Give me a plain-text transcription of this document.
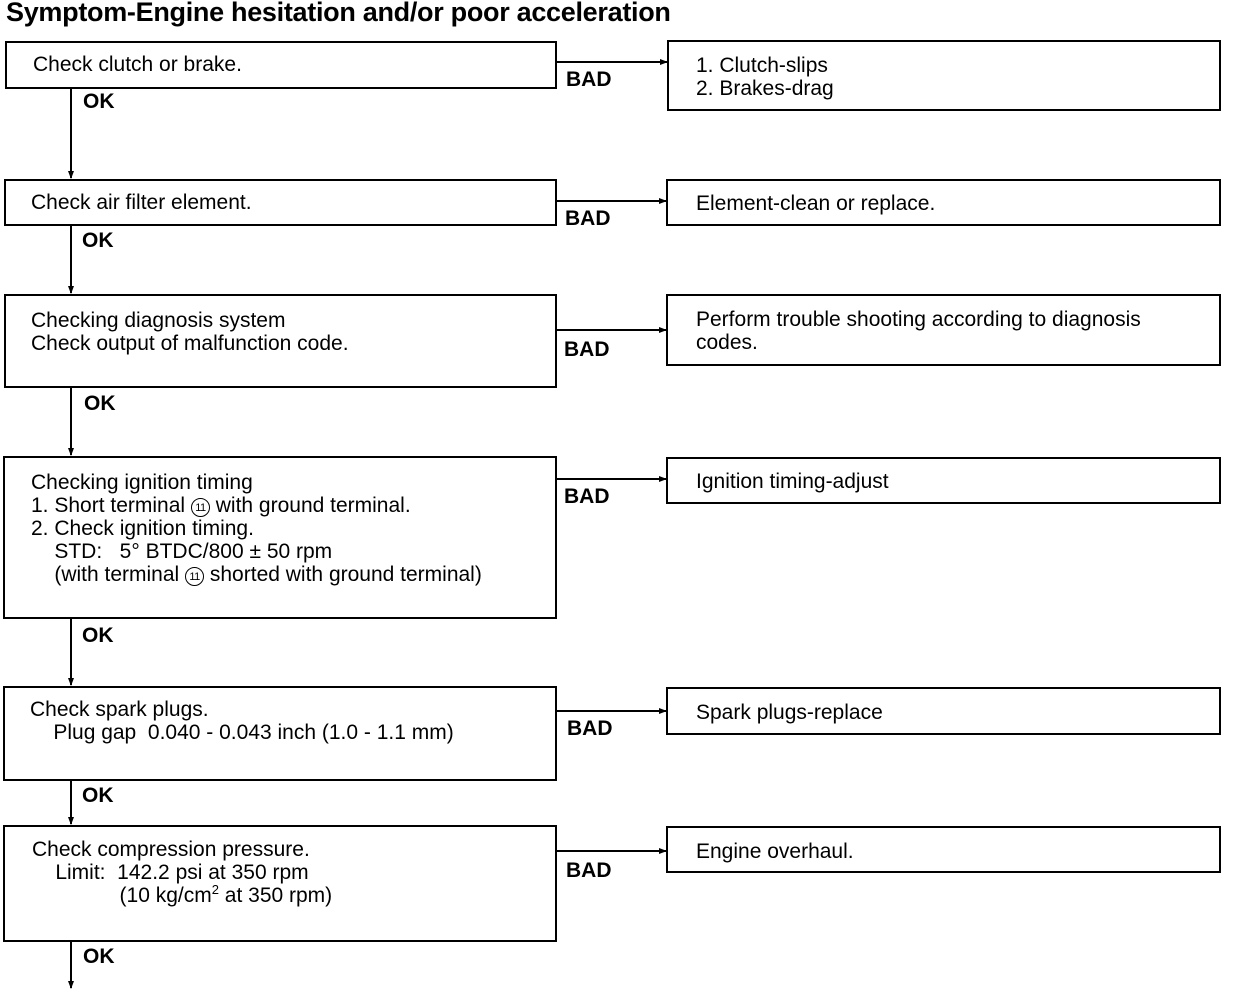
Symptom-Engine hesitation and/or poor acceleration
Check clutch or brake.	1. Clutch-slips
2. Brakes-drag
OK
BAD
Check air filter element.	Element-clean or replace.
OK
BAD
Checking diagnosis system
Check output of malfunction code.
Perform trouble shooting according to diagnosis
codes.
OK
BAD
Checking ignition timing
1. Short terminal 11 with ground terminal.
2. Check ignition timing.
STD:   5° BTDC/800 ± 50 rpm
(with terminal 11 shorted with ground terminal)
Ignition timing-adjust
OK
BAD
Check spark plugs.
Plug gap  0.040 - 0.043 inch (1.0 - 1.1 mm)
Spark plugs-replace
OK
BAD
Check compression pressure.
Limit:  142.2 psi at 350 rpm
(10 $kg/cm^2$ at 350 rpm)
Engine overhaul.
OK
BAD
